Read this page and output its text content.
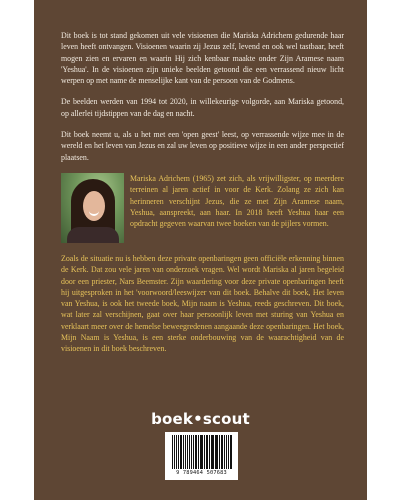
Dit boek is tot stand gekomen uit vele visioenen die Mariska Adrichem gedurende haar leven heeft ontvangen. Visioenen waarin zij Jezus zelf, levend en ook wel tastbaar, heeft mogen zien en ervaren en waarin Hij zich kenbaar maakte onder Zijn Aramese naam 'Yeshua'. In de visioenen zijn unieke beelden getoond die een verrassend nieuw licht werpen op met name de menselijke kant van de persoon van de Godmens.

De beelden werden van 1994 tot 2020, in willekeurige volgorde, aan Mariska getoond, op allerlei tijdstippen van de dag en nacht.

Dit boek neemt u, als u het met een 'open geest' leest, op verrassende wijze mee in de wereld en het leven van Jezus en zal uw leven op positieve wijze in een ander perspectief plaatsen.

Mariska Adrichem (1965) zet zich, als vrijwilligster, op meerdere terreinen al jaren actief in voor de Kerk. Zolang ze zich kan herinneren verschijnt Jezus, die ze met Zijn Aramese naam, Yeshua, aanspreekt, aan haar. In 2018 heeft Yeshua haar een opdracht gegeven waarvan twee boeken van de pijlers vormen.

Zoals de situatie nu is hebben deze private openbaringen geen officiële erkenning binnen de Kerk. Dat zou vele jaren van onderzoek vragen. Wel wordt Mariska al jaren begeleid door een priester, Nars Beemster. Zijn waardering voor deze private openbaringen heeft hij uitgesproken in het 'voorwoord/leeswijzer van dit boek. Behalve dit boek, Het leven van Yeshua, is ook het tweede boek, Mijn naam is Yeshua, reeds geschreven. Dit boek, wat later zal verschijnen, gaat over haar persoonlijk leven met sturing van Yeshua en verklaart meer over de hemelse beweegredenen aangaande deze openbaringen. Het boek, Mijn Naam is Yeshua, is een sterke onderbouwing van de waarachtigheid van de visioenen in dit boek beschreven.

boek•scout
9 789464 507683
